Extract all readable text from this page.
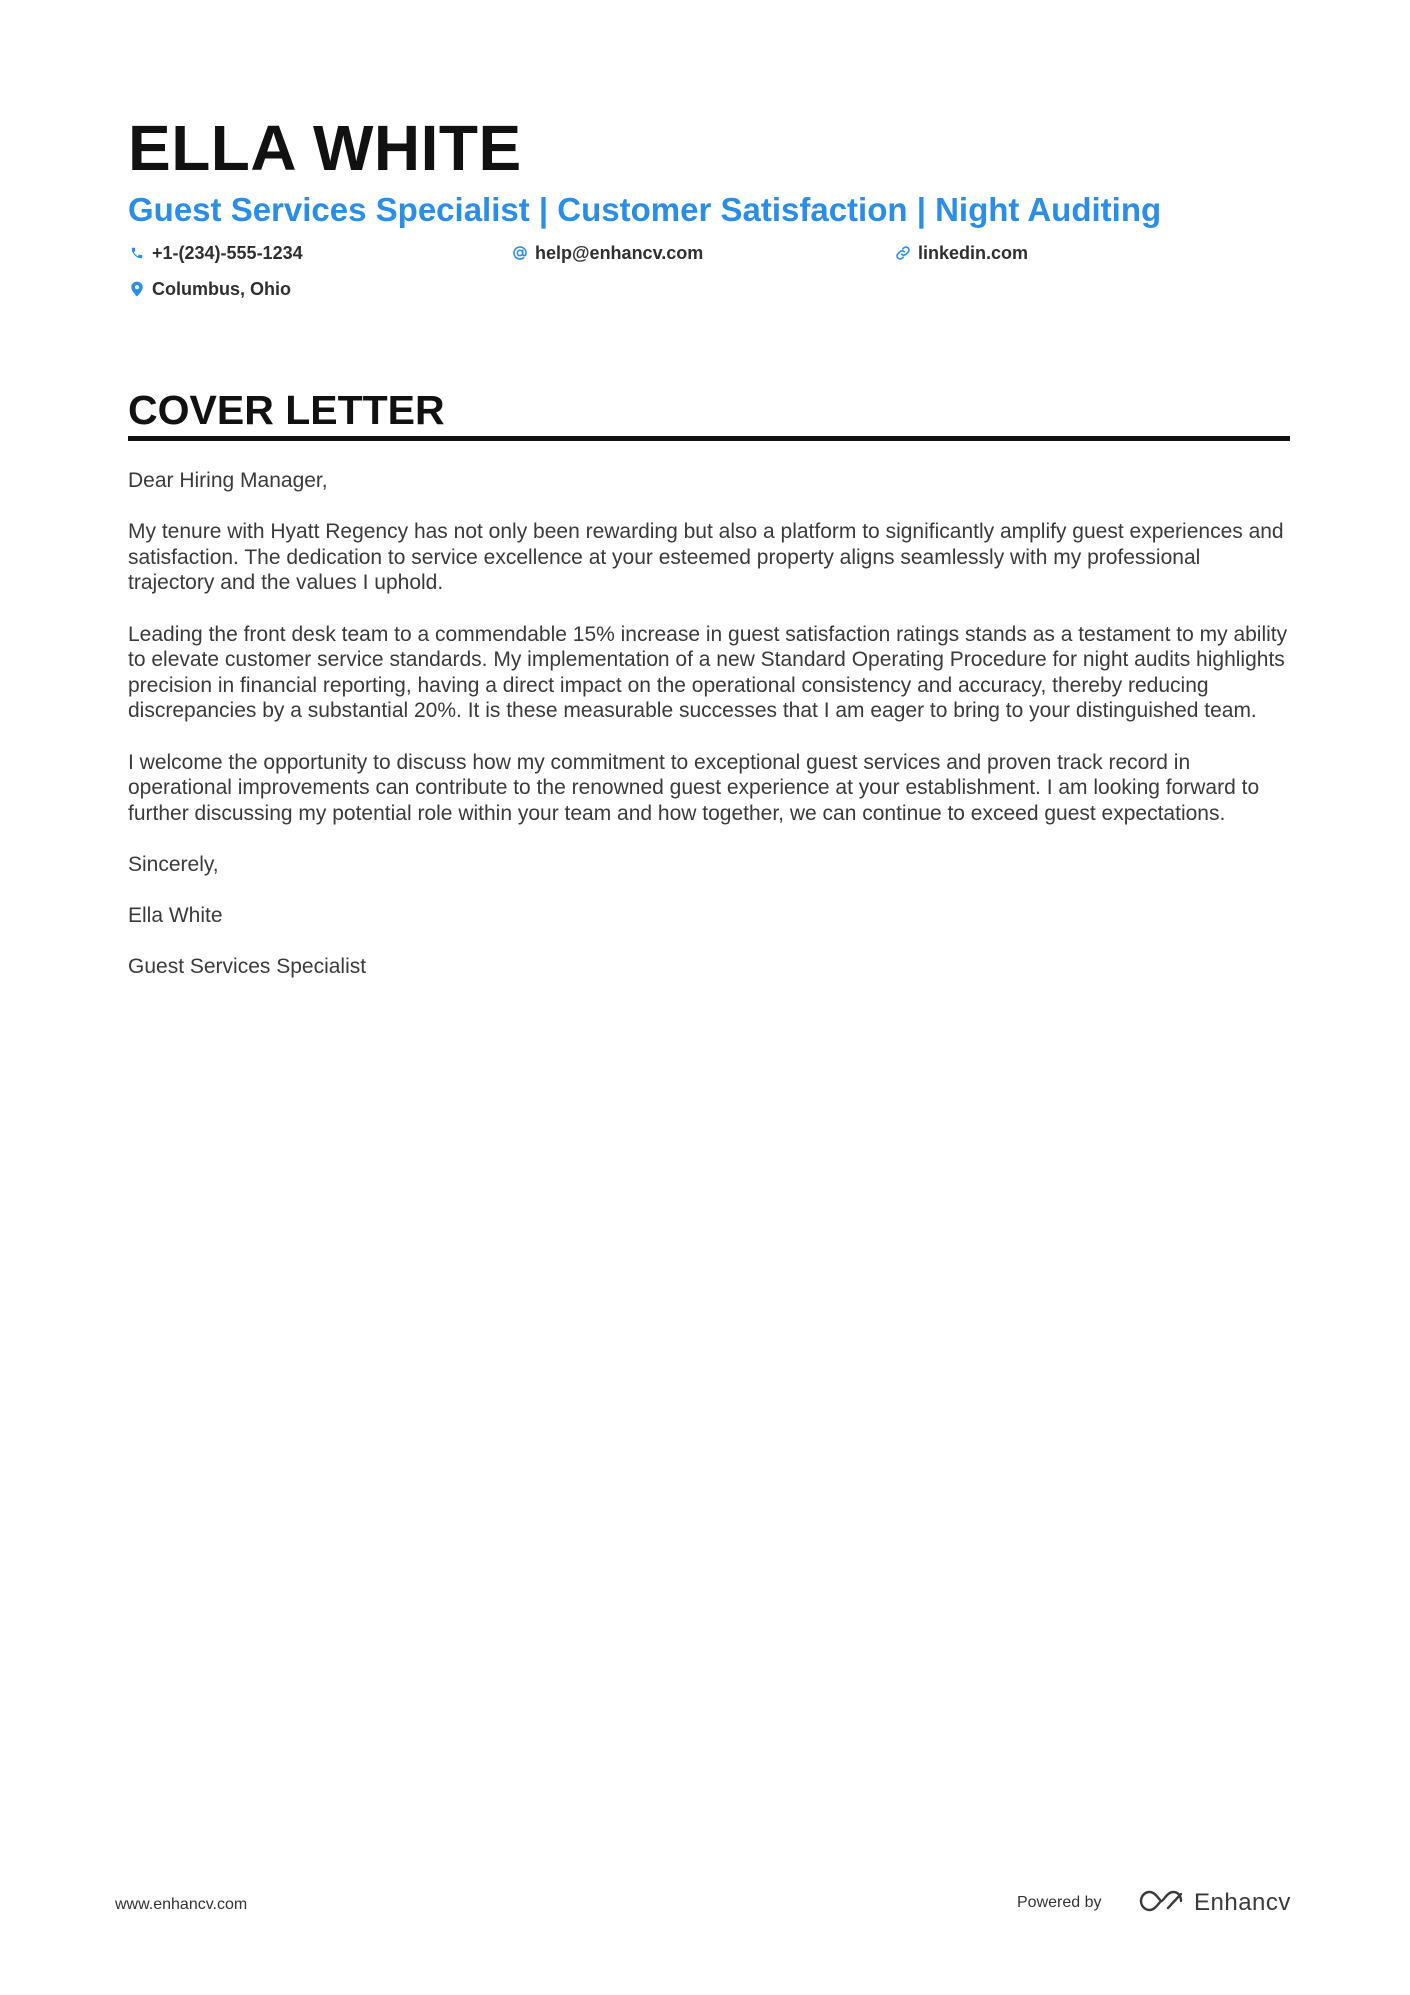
ELLA WHITE
Guest Services Specialist | Customer Satisfaction | Night Auditing
+1-(234)-555-1234	help@enhancv.com	linkedin.com
Columbus, Ohio
COVER LETTER

Dear Hiring Manager,

My tenure with Hyatt Regency has not only been rewarding but also a platform to significantly amplify guest experiences and satisfaction. The dedication to service excellence at your esteemed property aligns seamlessly with my professional trajectory and the values I uphold.

Leading the front desk team to a commendable 15% increase in guest satisfaction ratings stands as a testament to my ability to elevate customer service standards. My implementation of a new Standard Operating Procedure for night audits highlights precision in financial reporting, having a direct impact on the operational consistency and accuracy, thereby reducing discrepancies by a substantial 20%. It is these measurable successes that I am eager to bring to your distinguished team.

I welcome the opportunity to discuss how my commitment to exceptional guest services and proven track record in operational improvements can contribute to the renowned guest experience at your establishment. I am looking forward to further discussing my potential role within your team and how together, we can continue to exceed guest expectations.

Sincerely,

Ella White

Guest Services Specialist

www.enhancv.com	Powered by	Enhancv
